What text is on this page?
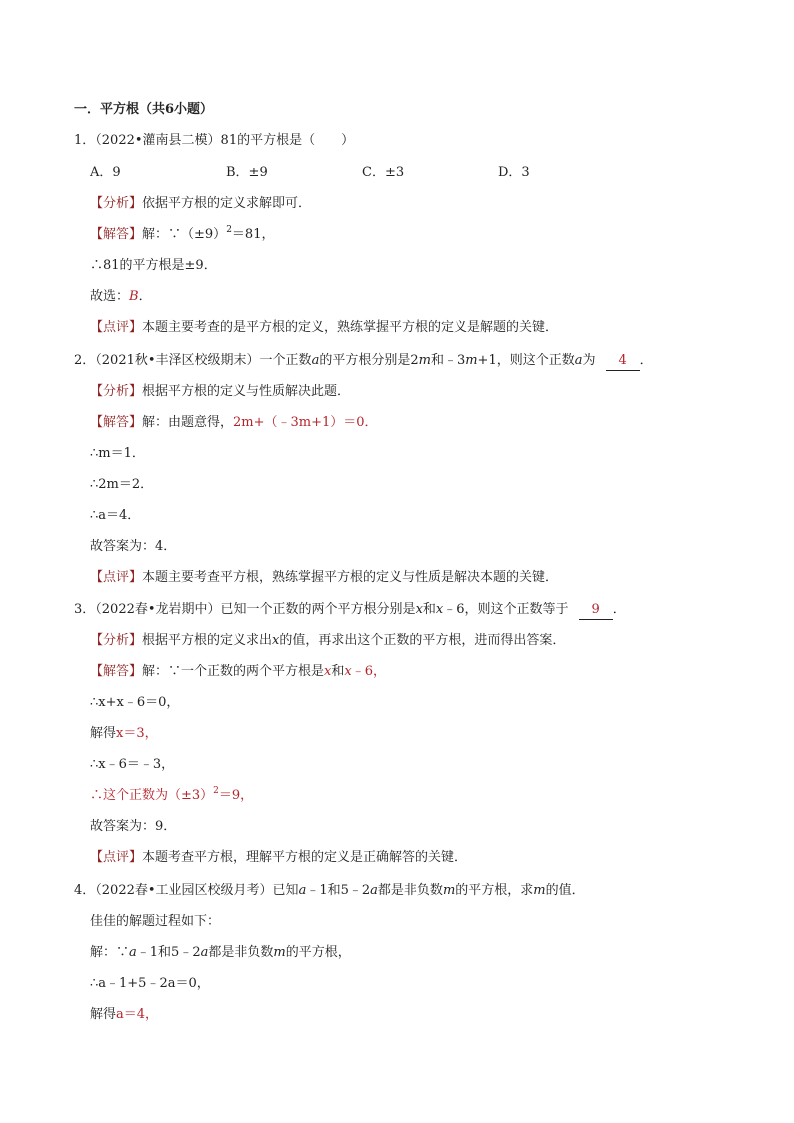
一．平方根（共6小题）
1．（2022•灌南县二模）81的平方根是（　　）
A．9	B．±9	C．±3	D．3
【分析】依据平方根的定义求解即可．
【解答】解：$\because(\pm 9)^2=81$，
∴81的平方根是±9．
故选：B．
【点评】本题主要考查的是平方根的定义，熟练掌握平方根的定义是解题的关键．
2．（2021秋•丰泽区校级期末）一个正数a的平方根分别是2m和﹣3m+1，则这个正数a为 4 ．
【分析】根据平方根的定义与性质解决此题．
【解答】解：由题意得，2m+（﹣3m+1）＝0．
∴m＝1．
∴2m＝2．
∴a＝4．
故答案为：4．
【点评】本题主要考查平方根，熟练掌握平方根的定义与性质是解决本题的关键．
3．（2022春•龙岩期中）已知一个正数的两个平方根分别是x和x﹣6，则这个正数等于 9 ．
【分析】根据平方根的定义求出x的值，再求出这个正数的平方根，进而得出答案．
【解答】解：∵一个正数的两个平方根是x和x﹣6，
∴x+x﹣6＝0，
解得x＝3，
∴x﹣6＝﹣3，
∴这个正数为$(\pm 3)^2=9$，
故答案为：9．
【点评】本题考查平方根，理解平方根的定义是正确解答的关键．
4．（2022春•工业园区校级月考）已知a﹣1和5﹣2a都是非负数m的平方根，求m的值．
佳佳的解题过程如下：
解：∵a﹣1和5﹣2a都是非负数m的平方根，
∴a﹣1+5﹣2a＝0，
解得a＝4，
